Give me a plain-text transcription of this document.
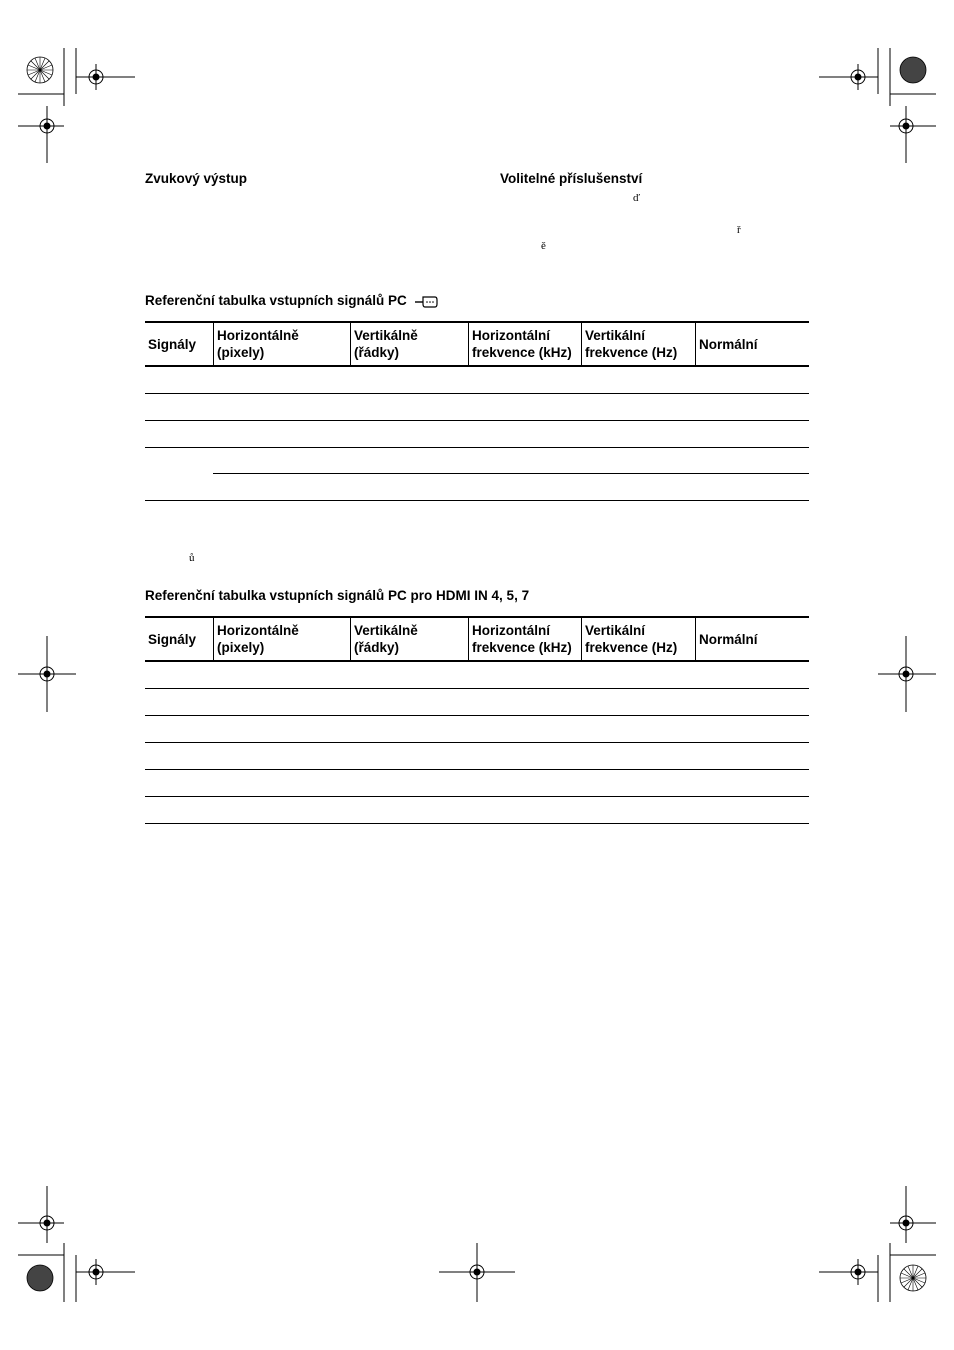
Zvukový výstup	Volitelné příslušenství
ď
ř
ě
ů
Referenční tabulka vstupních signálů PC
Signály
Horizontálně
(pixely)
Vertikálně
(řádky)
Horizontální
frekvence (kHz)
Vertikální
frekvence (Hz)
Normální
Referenční tabulka vstupních signálů PC pro HDMI IN 4, 5, 7
Signály
Horizontálně
(pixely)
Vertikálně
(řádky)
Horizontální
frekvence (kHz)
Vertikální
frekvence (Hz)
Normální
